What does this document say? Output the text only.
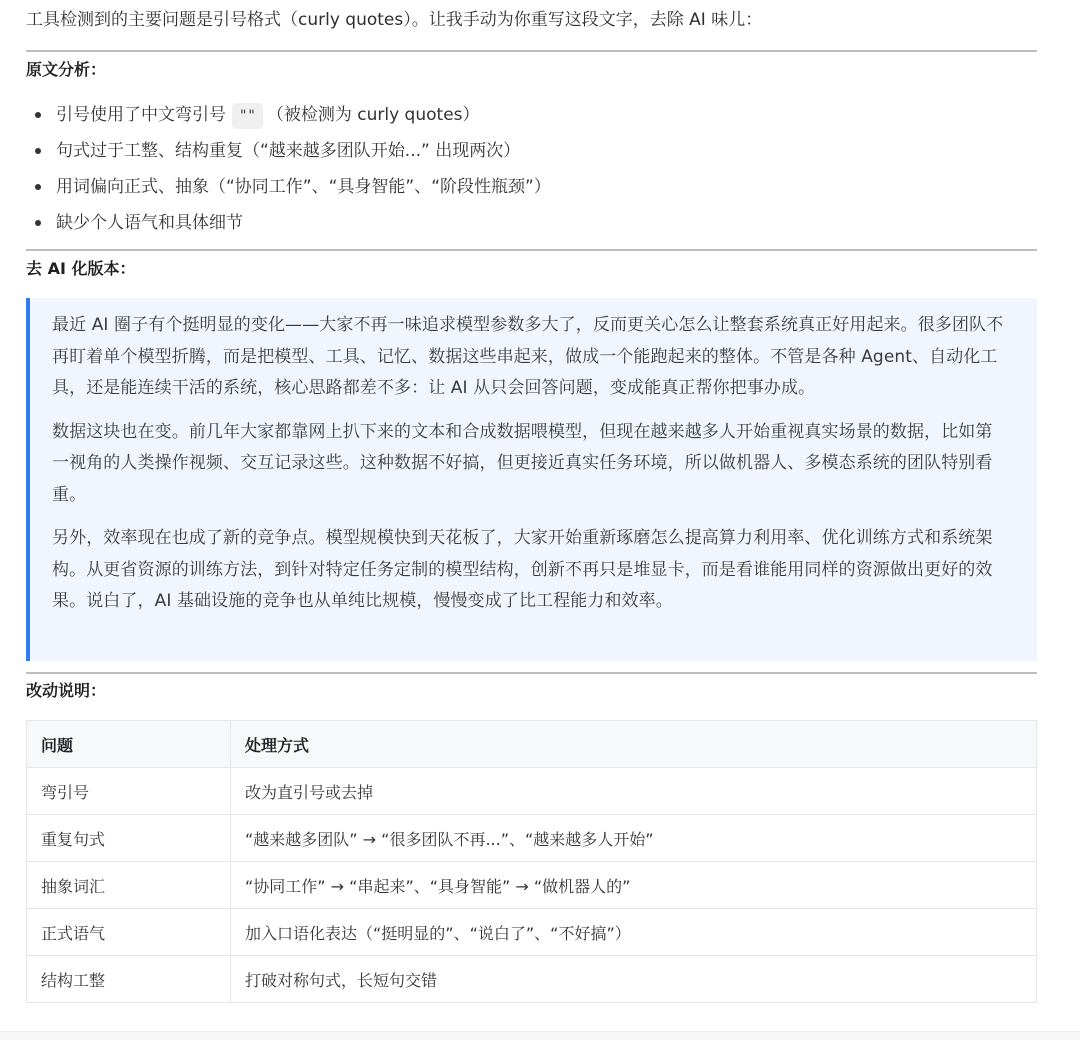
工具检测到的主要问题是引号格式（curly quotes）。让我手动为你重写这段文字，去除 AI 味儿：
原文分析：
引号使用了中文弯引号 "" （被检测为 curly quotes）
句式过于工整、结构重复（“越来越多团队开始...” 出现两次）
用词偏向正式、抽象（“协同工作”、“具身智能”、“阶段性瓶颈”）
缺少个人语气和具体细节
去 AI 化版本：

最近 AI 圈子有个挺明显的变化——大家不再一味追求模型参数多大了，反而更关心怎么让整套系统真正好用起来。很多团队不再盯着单个模型折腾，而是把模型、工具、记忆、数据这些串起来，做成一个能跑起来的整体。不管是各种 Agent、自动化工具，还是能连续干活的系统，核心思路都差不多：让 AI 从只会回答问题，变成能真正帮你把事办成。

数据这块也在变。前几年大家都靠网上扒下来的文本和合成数据喂模型，但现在越来越多人开始重视真实场景的数据，比如第一视角的人类操作视频、交互记录这些。这种数据不好搞，但更接近真实任务环境，所以做机器人、多模态系统的团队特别看重。

另外，效率现在也成了新的竞争点。模型规模快到天花板了，大家开始重新琢磨怎么提高算力利用率、优化训练方式和系统架构。从更省资源的训练方法，到针对特定任务定制的模型结构，创新不再只是堆显卡，而是看谁能用同样的资源做出更好的效果。说白了，AI 基础设施的竞争也从单纯比规模，慢慢变成了比工程能力和效率。

改动说明：
问题	处理方式
弯引号	改为直引号或去掉
重复句式	“越来越多团队” → “很多团队不再...”、“越来越多人开始”
抽象词汇	“协同工作” → “串起来”、“具身智能” → “做机器人的”
正式语气	加入口语化表达（“挺明显的”、“说白了”、“不好搞”）
结构工整	打破对称句式，长短句交错
